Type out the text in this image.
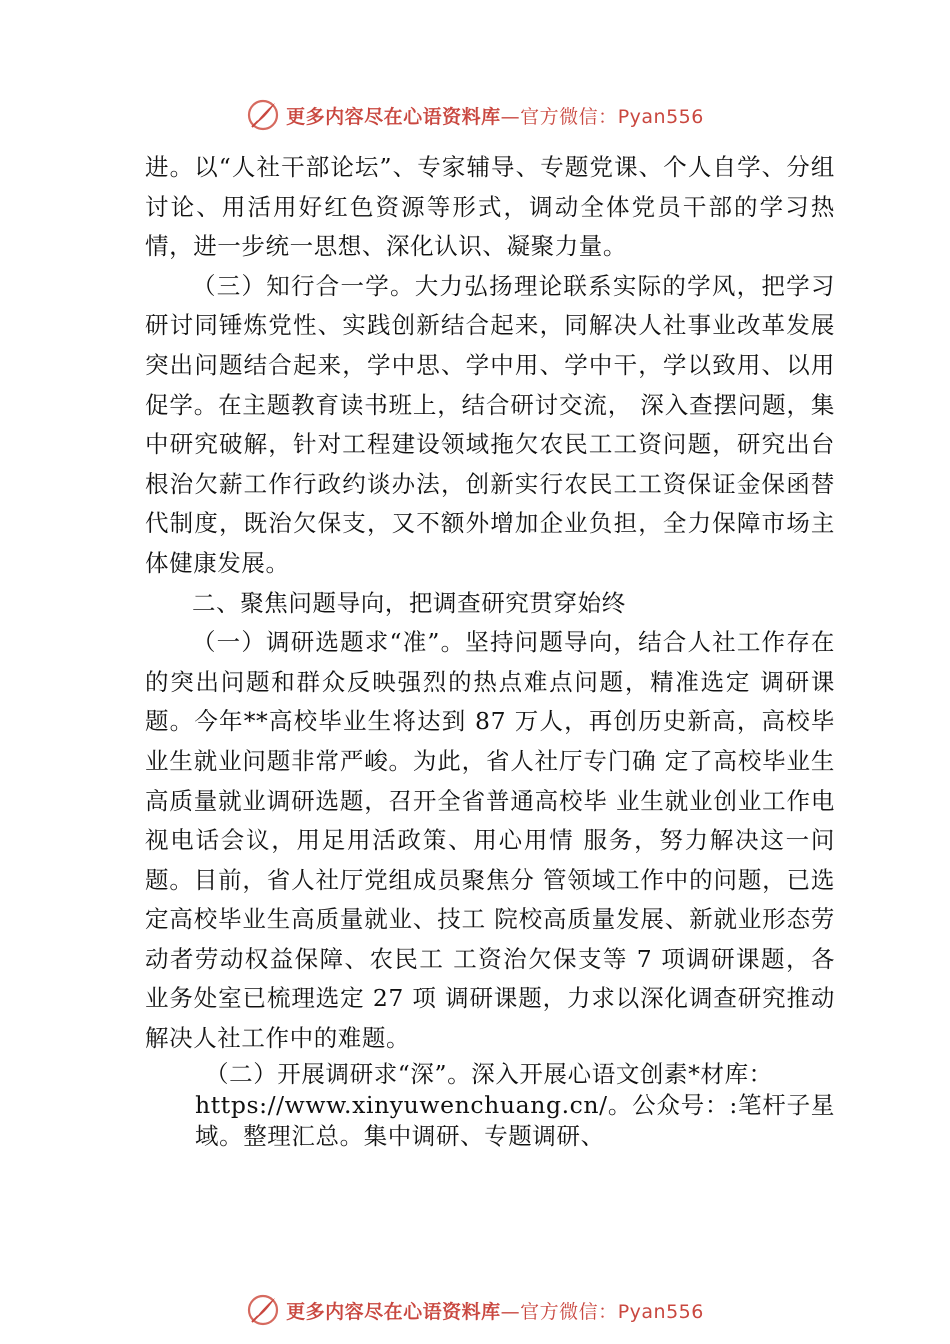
更多内容尽在心语资料库—官方微信：Pyan556

进。以“人社干部论坛”、专家辅导、专题党课、个人自学、分组讨论、用活用好红色资源等形式，调动全体党员干部的学习热情，进一步统一思想、深化认识、凝聚力量。

（三）知行合一学。大力弘扬理论联系实际的学风，把学习研讨同锤炼党性、实践创新结合起来，同解决人社事业改革发展突出问题结合起来，学中思、学中用、学中干，学以致用、以用促学。在主题教育读书班上，结合研讨交流， 深入查摆问题，集中研究破解，针对工程建设领域拖欠农民工工资问题，研究出台根治欠薪工作行政约谈办法，创新实行农民工工资保证金保函替代制度，既治欠保支，又不额外增加企业负担，全力保障市场主体健康发展。

二、聚焦问题导向，把调查研究贯穿始终

（一）调研选题求“准”。坚持问题导向，结合人社工作存在的突出问题和群众反映强烈的热点难点问题，精准选定 调研课题。今年**高校毕业生将达到 87 万人，再创历史新高，高校毕业生就业问题非常严峻。为此，省人社厅专门确 定了高校毕业生高质量就业调研选题，召开全省普通高校毕 业生就业创业工作电视电话会议，用足用活政策、用心用情 服务，努力解决这一问题。目前，省人社厅党组成员聚焦分 管领域工作中的问题，已选定高校毕业生高质量就业、技工 院校高质量发展、新就业形态劳动者劳动权益保障、农民工 工资治欠保支等 7 项调研课题，各业务处室已梳理选定 27 项 调研课题，力求以深化调查研究推动解决人社工作中的难题。

（二）开展调研求“深”。深入开展心语文创素*材库：
https://www.xinyuwenchuang.cn/。公众号：:笔杆子星域。整理汇总。集中调研、专题调研、
更多内容尽在心语资料库—官方微信：Pyan556
